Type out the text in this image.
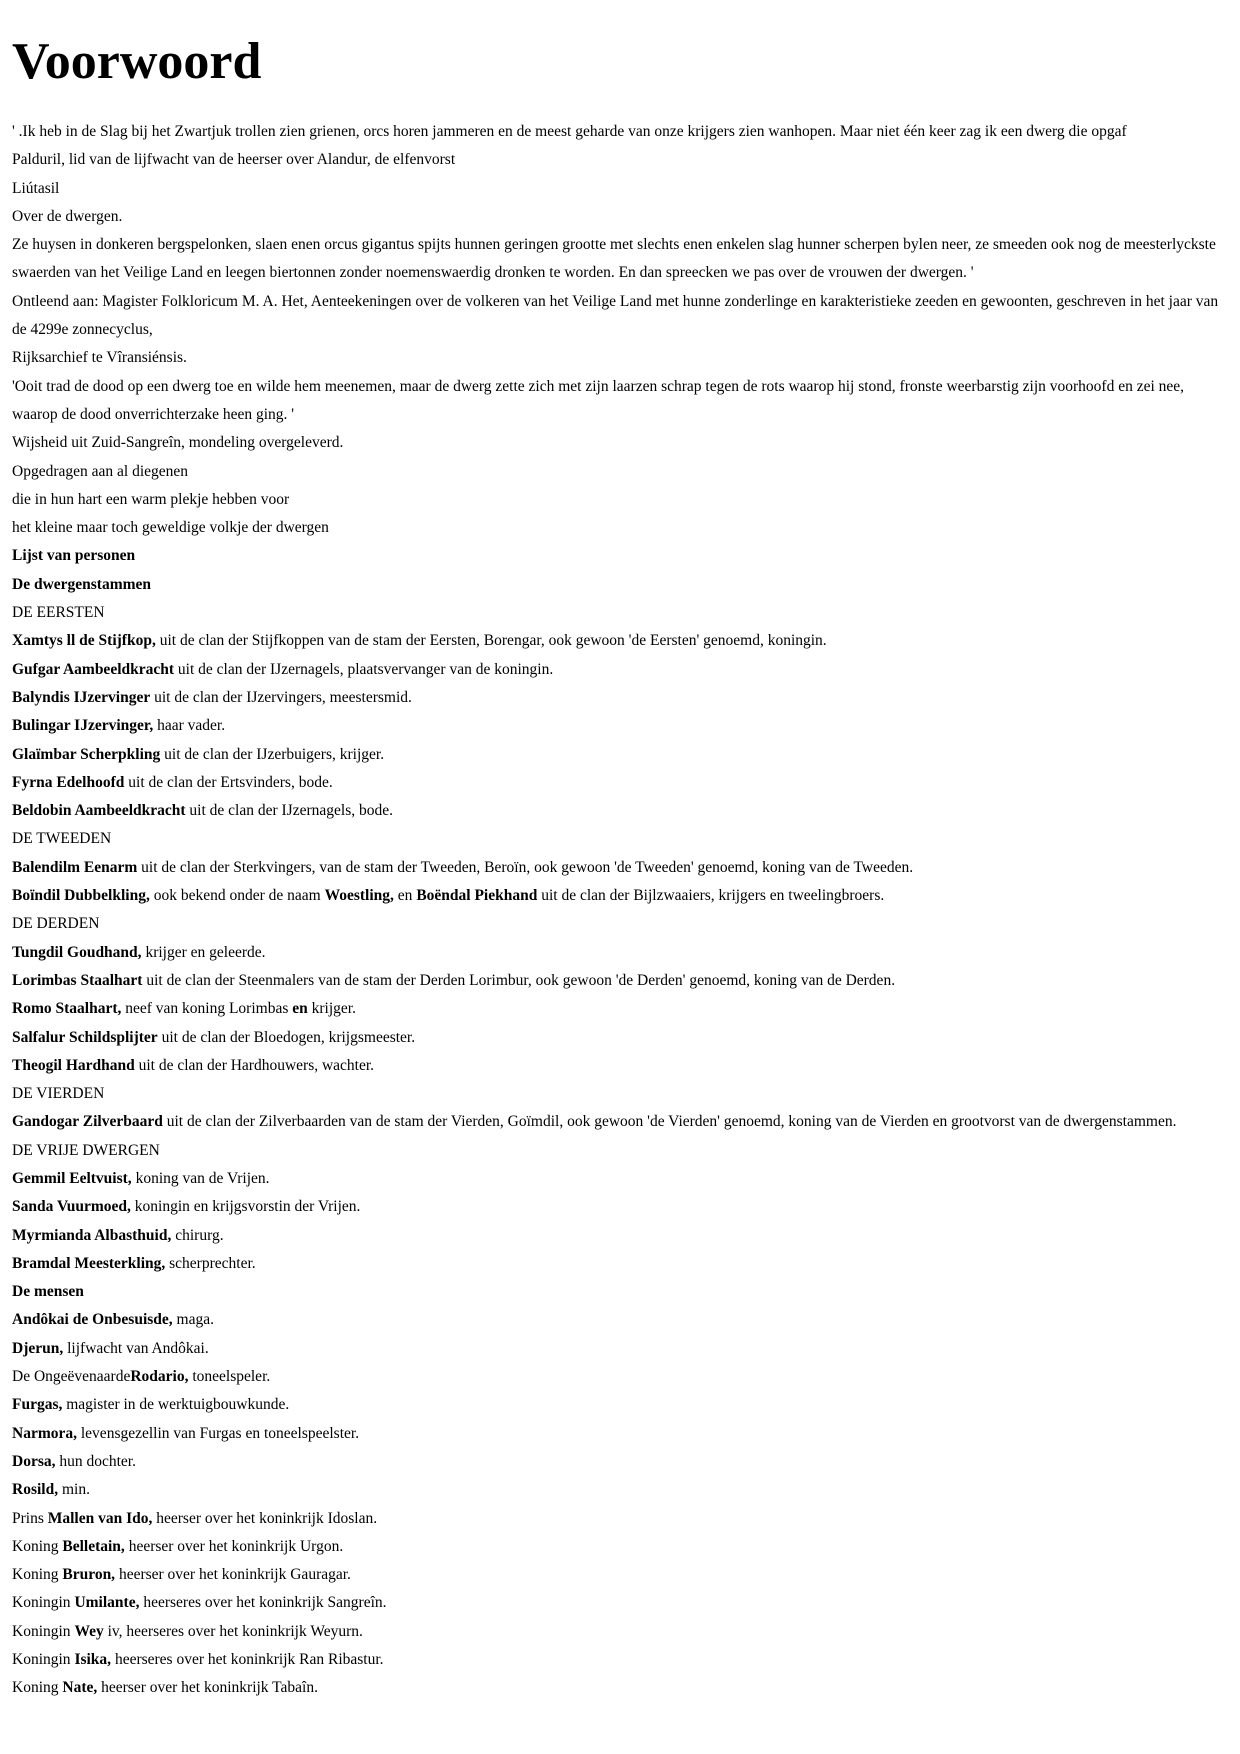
Voorwoord
' .Ik heb in de Slag bij het Zwartjuk trollen zien grienen, orcs horen jammeren en de meest geharde van onze krijgers zien wanhopen. Maar niet één keer zag ik een dwerg die opgaf
Palduril, lid van de lijfwacht van de heerser over Alandur, de elfenvorst
Liútasil
Over de dwergen.
Ze huysen in donkeren bergspelonken, slaen enen orcus gigantus spijts hunnen geringen grootte met slechts enen enkelen slag hunner scherpen bylen neer, ze smeeden ook nog de meesterlyckste swaerden van het Veilige Land en leegen biertonnen zonder noemenswaerdig dronken te worden. En dan spreecken we pas over de vrouwen der dwergen. '
Ontleend aan: Magister Folkloricum M. A. Het, Aenteekeningen over de volkeren van het Veilige Land met hunne zonderlinge en karakteristieke zeeden en gewoonten, geschreven in het jaar van de 4299e zonnecyclus,
Rijksarchief te Vîransiénsis.
'Ooit trad de dood op een dwerg toe en wilde hem meenemen, maar de dwerg zette zich met zijn laarzen schrap tegen de rots waarop hij stond, fronste weerbarstig zijn voorhoofd en zei nee, waarop de dood onverrichterzake heen ging. '
Wijsheid uit Zuid-Sangreîn, mondeling overgeleverd.
Opgedragen aan al diegenen
die in hun hart een warm plekje hebben voor
het kleine maar toch geweldige volkje der dwergen
Lijst van personen
De dwergenstammen
DE EERSTEN
Xamtys ll de Stijfkop, uit de clan der Stijfkoppen van de stam der Eersten, Borengar, ook gewoon 'de Eersten' genoemd, koningin.
Gufgar Aambeeldkracht uit de clan der IJzernagels, plaatsvervanger van de koningin.
Balyndis IJzervinger uit de clan der IJzervingers, meestersmid.
Bulingar IJzervinger, haar vader.
Glaïmbar Scherpkling uit de clan der IJzerbuigers, krijger.
Fyrna Edelhoofd uit de clan der Ertsvinders, bode.
Beldobin Aambeeldkracht uit de clan der IJzernagels, bode.
DE TWEEDEN
Balendilm Eenarm uit de clan der Sterkvingers, van de stam der Tweeden, Beroïn, ook gewoon 'de Tweeden' genoemd, koning van de Tweeden.
Boïndil Dubbelkling, ook bekend onder de naam Woestling, en Boëndal Piekhand uit de clan der Bijlzwaaiers, krijgers en tweelingbroers.
DE DERDEN
Tungdil Goudhand, krijger en geleerde.
Lorimbas Staalhart uit de clan der Steenmalers van de stam der Derden Lorimbur, ook gewoon 'de Derden' genoemd, koning van de Derden.
Romo Staalhart, neef van koning Lorimbas en krijger.
Salfalur Schildsplijter uit de clan der Bloedogen, krijgsmeester.
Theogil Hardhand uit de clan der Hardhouwers, wachter.
DE VIERDEN
Gandogar Zilverbaard uit de clan der Zilverbaarden van de stam der Vierden, Goïmdil, ook gewoon 'de Vierden' genoemd, koning van de Vierden en grootvorst van de dwergenstammen.
DE VRIJE DWERGEN
Gemmil Eeltvuist, koning van de Vrijen.
Sanda Vuurmoed, koningin en krijgsvorstin der Vrijen.
Myrmianda Albasthuid, chirurg.
Bramdal Meesterkling, scherprechter.
De mensen
Andôkai de Onbesuisde, maga.
Djerun, lijfwacht van Andôkai.
De OngeëvenaardeRodario, toneelspeler.
Furgas, magister in de werktuigbouwkunde.
Narmora, levensgezellin van Furgas en toneelspeelster.
Dorsa, hun dochter.
Rosild, min.
Prins Mallen van Ido, heerser over het koninkrijk Idoslan.
Koning Belletain, heerser over het koninkrijk Urgon.
Koning Bruron, heerser over het koninkrijk Gauragar.
Koningin Umilante, heerseres over het koninkrijk Sangreîn.
Koningin Wey iv, heerseres over het koninkrijk Weyurn.
Koningin Isika, heerseres over het koninkrijk Ran Ribastur.
Koning Nate, heerser over het koninkrijk Tabaîn.
